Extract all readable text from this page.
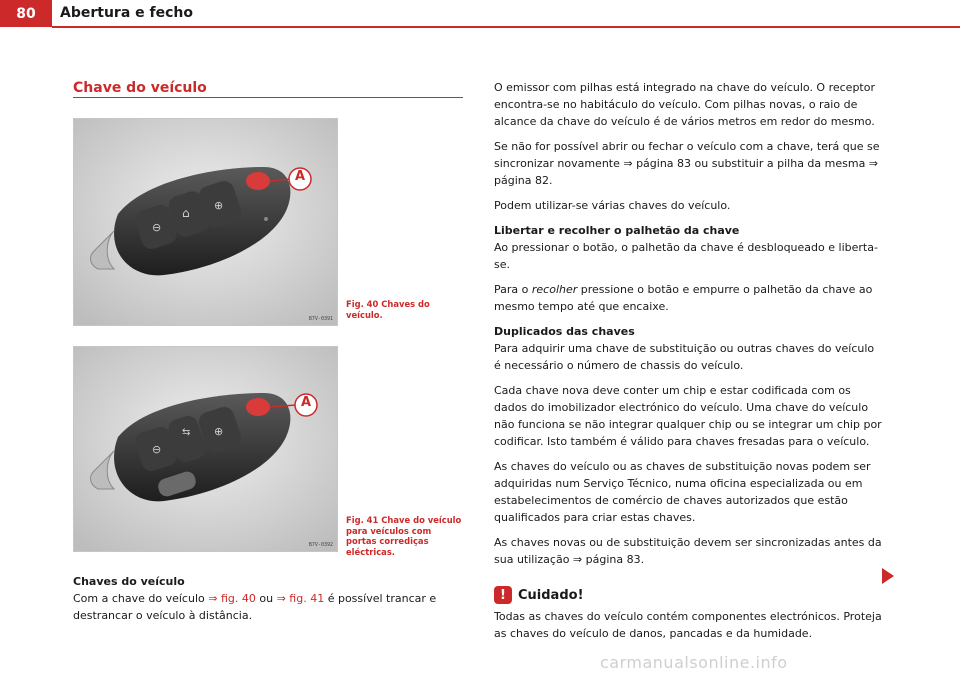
80	Abertura e fecho
Chave do veículo
⊖
⌂
⊕
A
B7V-0391
Fig. 40 Chaves do veículo.
⊖
⇆ ⊕
A
B7V-0392
Fig. 41 Chave do veículo para veículos com portas corrediças eléctricas.

Chaves do veículo

Com a chave do veículo ⇒ fig. 40 ou ⇒ fig. 41 é possível trancar e destrancar o veículo à distância.

O emissor com pilhas está integrado na chave do veículo. O receptor encontra-se no habitáculo do veículo. Com pilhas novas, o raio de alcance da chave do veículo é de vários metros em redor do mesmo.

Se não for possível abrir ou fechar o veículo com a chave, terá que se sincronizar novamente ⇒ página 83 ou substituir a pilha da mesma ⇒ página 82.

Podem utilizar-se várias chaves do veículo.

Libertar e recolher o palhetão da chave

Ao pressionar o botão, o palhetão da chave é desbloqueado e liberta-se.

Para o recolher pressione o botão e empurre o palhetão da chave ao mesmo tempo até que encaixe.

Duplicados das chaves

Para adquirir uma chave de substituição ou outras chaves do veículo é necessário o número de chassis do veículo.

Cada chave nova deve conter um chip e estar codificada com os dados do imobilizador electrónico do veículo. Uma chave do veículo não funciona se não integrar qualquer chip ou se integrar um chip por codificar. Isto também é válido para chaves fresadas para o veículo.

As chaves do veículo ou as chaves de substituição novas podem ser adquiridas num Serviço Técnico, numa oficina especializada ou em estabelecimentos de comércio de chaves autorizados que estão qualificados para criar estas chaves.

As chaves novas ou de substituição devem ser sincronizadas antes da sua utilização ⇒ página 83.

! Cuidado!

Todas as chaves do veículo contém componentes electrónicos. Proteja as chaves do veículo de danos, pancadas e da humidade.

carmanualsonline.info
